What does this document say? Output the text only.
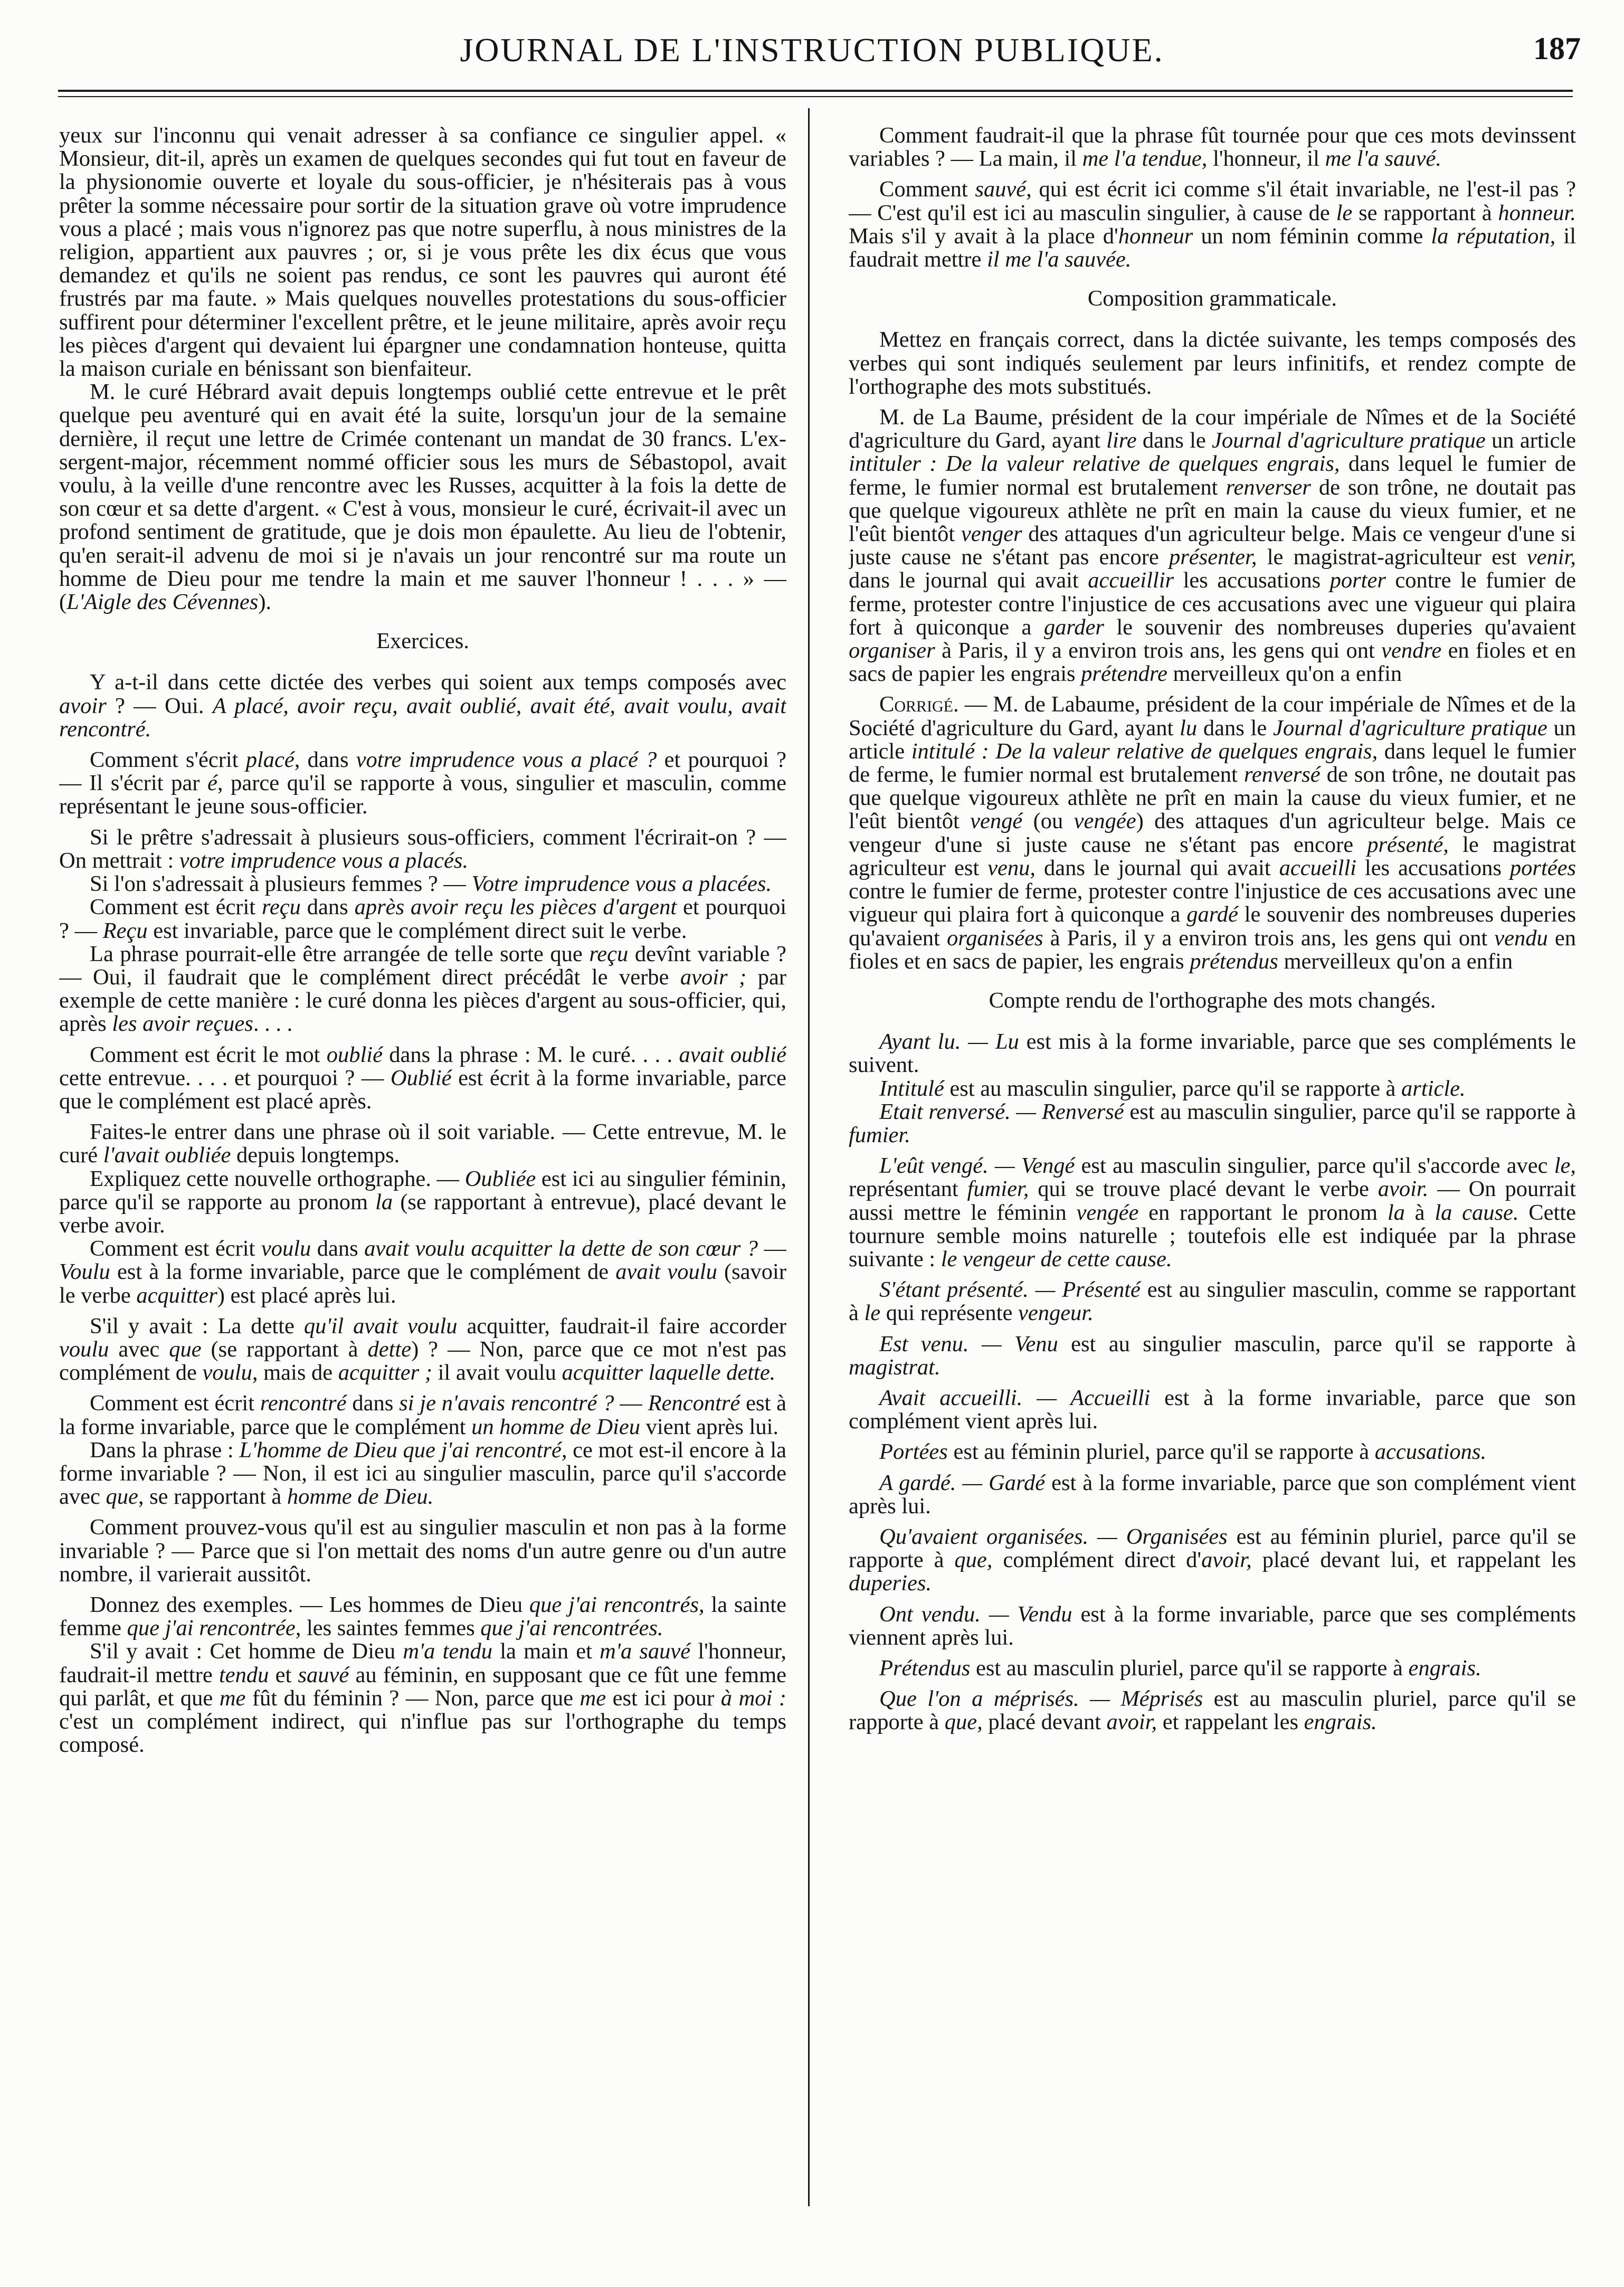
JOURNAL DE L'INSTRUCTION PUBLIQUE.	187

yeux sur l'inconnu qui venait adresser à sa confiance ce singulier appel. « Monsieur, dit-il, après un examen de quelques secondes qui fut tout en faveur de la physionomie ouverte et loyale du sous-officier, je n'hésiterais pas à vous prêter la somme nécessaire pour sortir de la situation grave où votre imprudence vous a placé ; mais vous n'ignorez pas que notre superflu, à nous ministres de la religion, appartient aux pauvres ; or, si je vous prête les dix écus que vous demandez et qu'ils ne soient pas rendus, ce sont les pauvres qui auront été frustrés par ma faute. » Mais quelques nouvelles protestations du sous-officier suffirent pour déterminer l'excellent prêtre, et le jeune militaire, après avoir reçu les pièces d'argent qui devaient lui épargner une condamnation honteuse, quitta la maison curiale en bénissant son bienfaiteur.

M. le curé Hébrard avait depuis longtemps oublié cette entrevue et le prêt quelque peu aventuré qui en avait été la suite, lorsqu'un jour de la semaine dernière, il reçut une lettre de Crimée contenant un mandat de 30 francs. L'ex-sergent-major, récemment nommé officier sous les murs de Sébastopol, avait voulu, à la veille d'une rencontre avec les Russes, acquitter à la fois la dette de son cœur et sa dette d'argent. « C'est à vous, monsieur le curé, écrivait-il avec un profond sentiment de gratitude, que je dois mon épaulette. Au lieu de l'obtenir, qu'en serait-il advenu de moi si je n'avais un jour rencontré sur ma route un homme de Dieu pour me tendre la main et me sauver l'honneur ! . . . » — (L'Aigle des Cévennes).

Exercices.

Y a-t-il dans cette dictée des verbes qui soient aux temps composés avec avoir ? — Oui. A placé, avoir reçu, avait oublié, avait été, avait voulu, avait rencontré.

Comment s'écrit placé, dans votre imprudence vous a placé ? et pourquoi ? — Il s'écrit par é, parce qu'il se rapporte à vous, singulier et masculin, comme représentant le jeune sous-officier.

Si le prêtre s'adressait à plusieurs sous-officiers, comment l'écrirait-on ? — On mettrait : votre imprudence vous a placés.

Si l'on s'adressait à plusieurs femmes ? — Votre imprudence vous a placées.

Comment est écrit reçu dans après avoir reçu les pièces d'argent et pourquoi ? — Reçu est invariable, parce que le complément direct suit le verbe.

La phrase pourrait-elle être arrangée de telle sorte que reçu devînt variable ? — Oui, il faudrait que le complément direct précédât le verbe avoir ; par exemple de cette manière : le curé donna les pièces d'argent au sous-officier, qui, après les avoir reçues. . . .

Comment est écrit le mot oublié dans la phrase : M. le curé. . . . avait oublié cette entrevue. . . . et pourquoi ? — Oublié est écrit à la forme invariable, parce que le complément est placé après.

Faites-le entrer dans une phrase où il soit variable. — Cette entrevue, M. le curé l'avait oubliée depuis longtemps.

Expliquez cette nouvelle orthographe. — Oubliée est ici au singulier féminin, parce qu'il se rapporte au pronom la (se rapportant à entrevue), placé devant le verbe avoir.

Comment est écrit voulu dans avait voulu acquitter la dette de son cœur ? — Voulu est à la forme invariable, parce que le complément de avait voulu (savoir le verbe acquitter) est placé après lui.

S'il y avait : La dette qu'il avait voulu acquitter, faudrait-il faire accorder voulu avec que (se rapportant à dette) ? — Non, parce que ce mot n'est pas complément de voulu, mais de acquitter ; il avait voulu acquitter laquelle dette.

Comment est écrit rencontré dans si je n'avais rencontré ? — Rencontré est à la forme invariable, parce que le complément un homme de Dieu vient après lui.

Dans la phrase : L'homme de Dieu que j'ai rencontré, ce mot est-il encore à la forme invariable ? — Non, il est ici au singulier masculin, parce qu'il s'accorde avec que, se rapportant à homme de Dieu.

Comment prouvez-vous qu'il est au singulier masculin et non pas à la forme invariable ? — Parce que si l'on mettait des noms d'un autre genre ou d'un autre nombre, il varierait aussitôt.

Donnez des exemples. — Les hommes de Dieu que j'ai rencontrés, la sainte femme que j'ai rencontrée, les saintes femmes que j'ai rencontrées.

S'il y avait : Cet homme de Dieu m'a tendu la main et m'a sauvé l'honneur, faudrait-il mettre tendu et sauvé au féminin, en supposant que ce fût une femme qui parlât, et que me fût du féminin ? — Non, parce que me est ici pour à moi : c'est un complément indirect, qui n'influe pas sur l'orthographe du temps composé.

Comment faudrait-il que la phrase fût tournée pour que ces mots devinssent variables ? — La main, il me l'a tendue, l'honneur, il me l'a sauvé.

Comment sauvé, qui est écrit ici comme s'il était invariable, ne l'est-il pas ? — C'est qu'il est ici au masculin singulier, à cause de le se rapportant à honneur. Mais s'il y avait à la place d'honneur un nom féminin comme la réputation, il faudrait mettre il me l'a sauvée.

Composition grammaticale.

Mettez en français correct, dans la dictée suivante, les temps composés des verbes qui sont indiqués seulement par leurs infinitifs, et rendez compte de l'orthographe des mots substitués.

M. de La Baume, président de la cour impériale de Nîmes et de la Société d'agriculture du Gard, ayant lire dans le Journal d'agriculture pratique un article intituler : De la valeur relative de quelques engrais, dans lequel le fumier de ferme, le fumier normal est brutalement renverser de son trône, ne doutait pas que quelque vigoureux athlète ne prît en main la cause du vieux fumier, et ne l'eût bientôt venger des attaques d'un agriculteur belge. Mais ce vengeur d'une si juste cause ne s'étant pas encore présenter, le magistrat-agriculteur est venir, dans le journal qui avait accueillir les accusations porter contre le fumier de ferme, protester contre l'injustice de ces accusations avec une vigueur qui plaira fort à quiconque a garder le souvenir des nombreuses duperies qu'avaient organiser à Paris, il y a environ trois ans, les gens qui ont vendre en fioles et en sacs de papier les engrais prétendre merveilleux qu'on a enfin

Corrigé. — M. de Labaume, président de la cour impériale de Nîmes et de la Société d'agriculture du Gard, ayant lu dans le Journal d'agriculture pratique un article intitulé : De la valeur relative de quelques engrais, dans lequel le fumier de ferme, le fumier normal est brutalement renversé de son trône, ne doutait pas que quelque vigoureux athlète ne prît en main la cause du vieux fumier, et ne l'eût bientôt vengé (ou vengée) des attaques d'un agriculteur belge. Mais ce vengeur d'une si juste cause ne s'étant pas encore présenté, le magistrat agriculteur est venu, dans le journal qui avait accueilli les accusations portées contre le fumier de ferme, protester contre l'injustice de ces accusations avec une vigueur qui plaira fort à quiconque a gardé le souvenir des nombreuses duperies qu'avaient organisées à Paris, il y a environ trois ans, les gens qui ont vendu en fioles et en sacs de papier, les engrais prétendus merveilleux qu'on a enfin

Compte rendu de l'orthographe des mots changés.

Ayant lu. — Lu est mis à la forme invariable, parce que ses compléments le suivent.

Intitulé est au masculin singulier, parce qu'il se rapporte à article.

Etait renversé. — Renversé est au masculin singulier, parce qu'il se rapporte à fumier.

L'eût vengé. — Vengé est au masculin singulier, parce qu'il s'accorde avec le, représentant fumier, qui se trouve placé devant le verbe avoir. — On pourrait aussi mettre le féminin vengée en rapportant le pronom la à la cause. Cette tournure semble moins naturelle ; toutefois elle est indiquée par la phrase suivante : le vengeur de cette cause.

S'étant présenté. — Présenté est au singulier masculin, comme se rapportant à le qui représente vengeur.

Est venu. — Venu est au singulier masculin, parce qu'il se rapporte à magistrat.

Avait accueilli. — Accueilli est à la forme invariable, parce que son complément vient après lui.

Portées est au féminin pluriel, parce qu'il se rapporte à accusations.

A gardé. — Gardé est à la forme invariable, parce que son complément vient après lui.

Qu'avaient organisées. — Organisées est au féminin pluriel, parce qu'il se rapporte à que, complément direct d'avoir, placé devant lui, et rappelant les duperies.

Ont vendu. — Vendu est à la forme invariable, parce que ses compléments viennent après lui.

Prétendus est au masculin pluriel, parce qu'il se rapporte à engrais.

Que l'on a méprisés. — Méprisés est au masculin pluriel, parce qu'il se rapporte à que, placé devant avoir, et rappelant les engrais.
